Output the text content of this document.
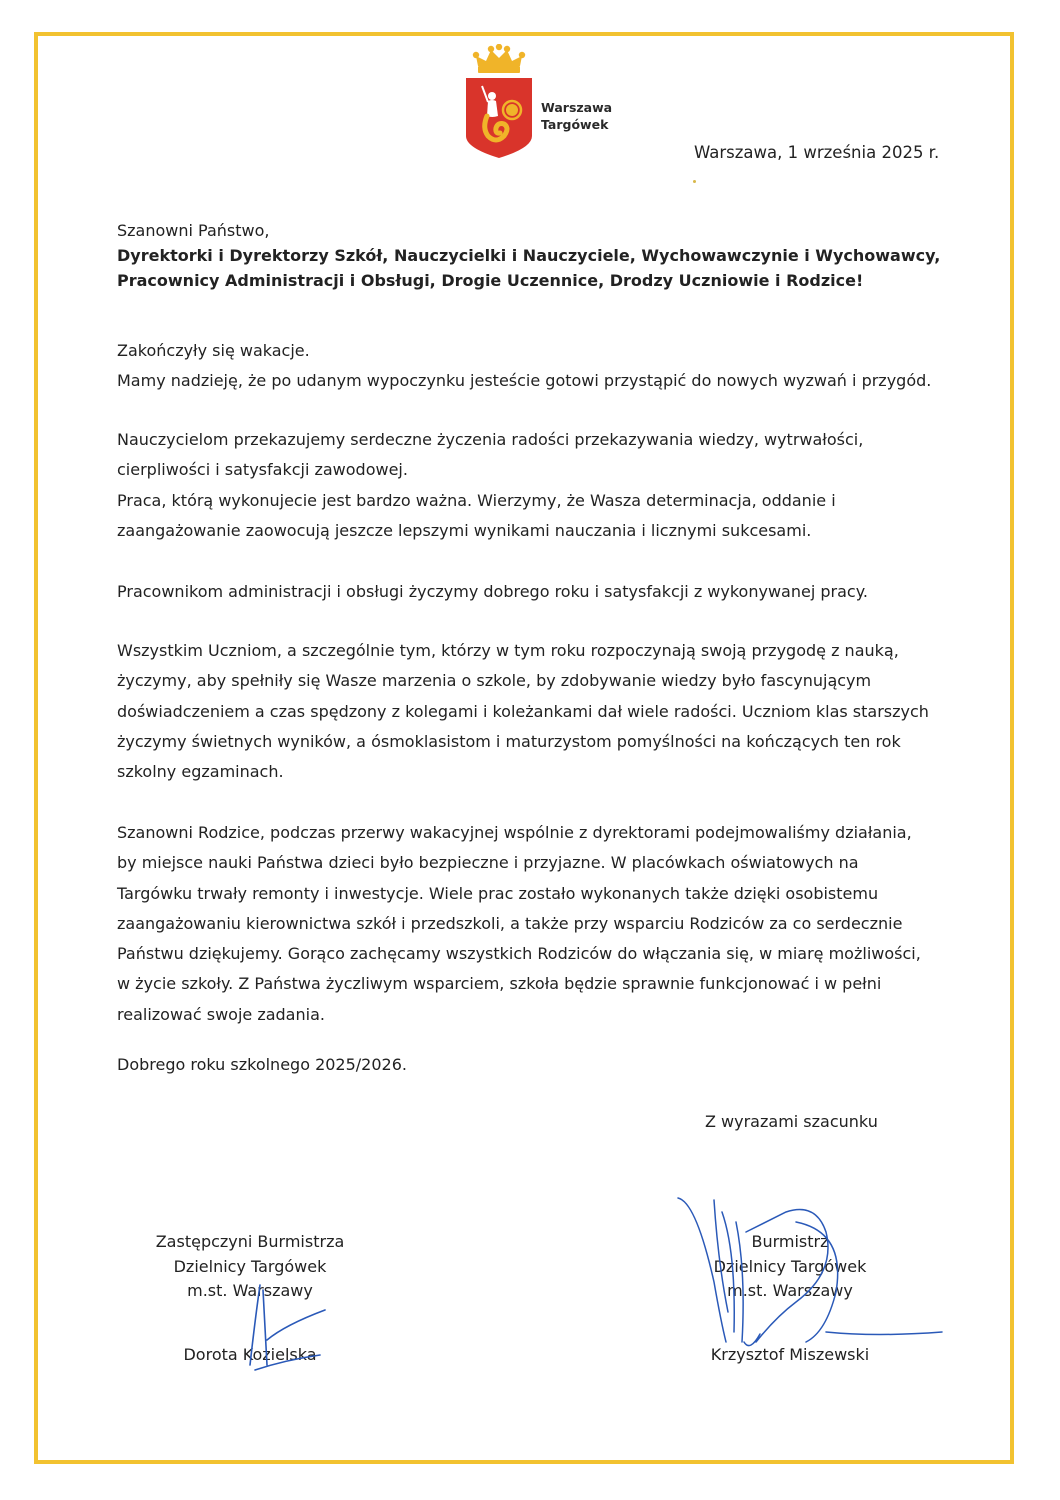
Warszawa
Targówek
Warszawa, 1 września 2025 r.
Szanowni Państwo,
Dyrektorki i Dyrektorzy Szkół, Nauczycielki i Nauczyciele, Wychowawczynie i Wychowawcy,
Pracownicy Administracji i Obsługi, Drogie Uczennice, Drodzy Uczniowie i Rodzice!
Zakończyły się wakacje.
Mamy nadzieję, że po udanym wypoczynku jesteście gotowi przystąpić do nowych wyzwań i przygód.
Nauczycielom przekazujemy serdeczne życzenia radości przekazywania wiedzy, wytrwałości,
cierpliwości i satysfakcji zawodowej.
Praca, którą wykonujecie jest bardzo ważna. Wierzymy, że Wasza determinacja, oddanie i
zaangażowanie zaowocują jeszcze lepszymi wynikami nauczania i licznymi sukcesami.
Pracownikom administracji i obsługi życzymy dobrego roku i satysfakcji z wykonywanej pracy.
Wszystkim Uczniom, a szczególnie tym, którzy w tym roku rozpoczynają swoją przygodę z nauką,
życzymy, aby spełniły się Wasze marzenia o szkole, by zdobywanie wiedzy było fascynującym
doświadczeniem a czas spędzony z kolegami i koleżankami dał wiele radości. Uczniom klas starszych
życzymy świetnych wyników, a ósmoklasistom i maturzystom pomyślności na kończących ten rok
szkolny egzaminach.
Szanowni Rodzice, podczas przerwy wakacyjnej wspólnie z dyrektorami podejmowaliśmy działania,
by miejsce nauki Państwa dzieci było bezpieczne i przyjazne. W placówkach oświatowych na
Targówku trwały remonty i inwestycje. Wiele prac zostało wykonanych także dzięki osobistemu
zaangażowaniu kierownictwa szkół i przedszkoli, a także przy wsparciu Rodziców za co serdecznie
Państwu dziękujemy. Gorąco zachęcamy wszystkich Rodziców do włączania się, w miarę możliwości,
w życie szkoły. Z Państwa życzliwym wsparciem, szkoła będzie sprawnie funkcjonować i w pełni
realizować swoje zadania.
Dobrego roku szkolnego 2025/2026.
Z wyrazami szacunku
Zastępczyni Burmistrza
Dzielnicy Targówek
m.st. Warszawy
Dorota Kozielska
Burmistrz
Dzielnicy Targówek
m.st. Warszawy
Krzysztof Miszewski
